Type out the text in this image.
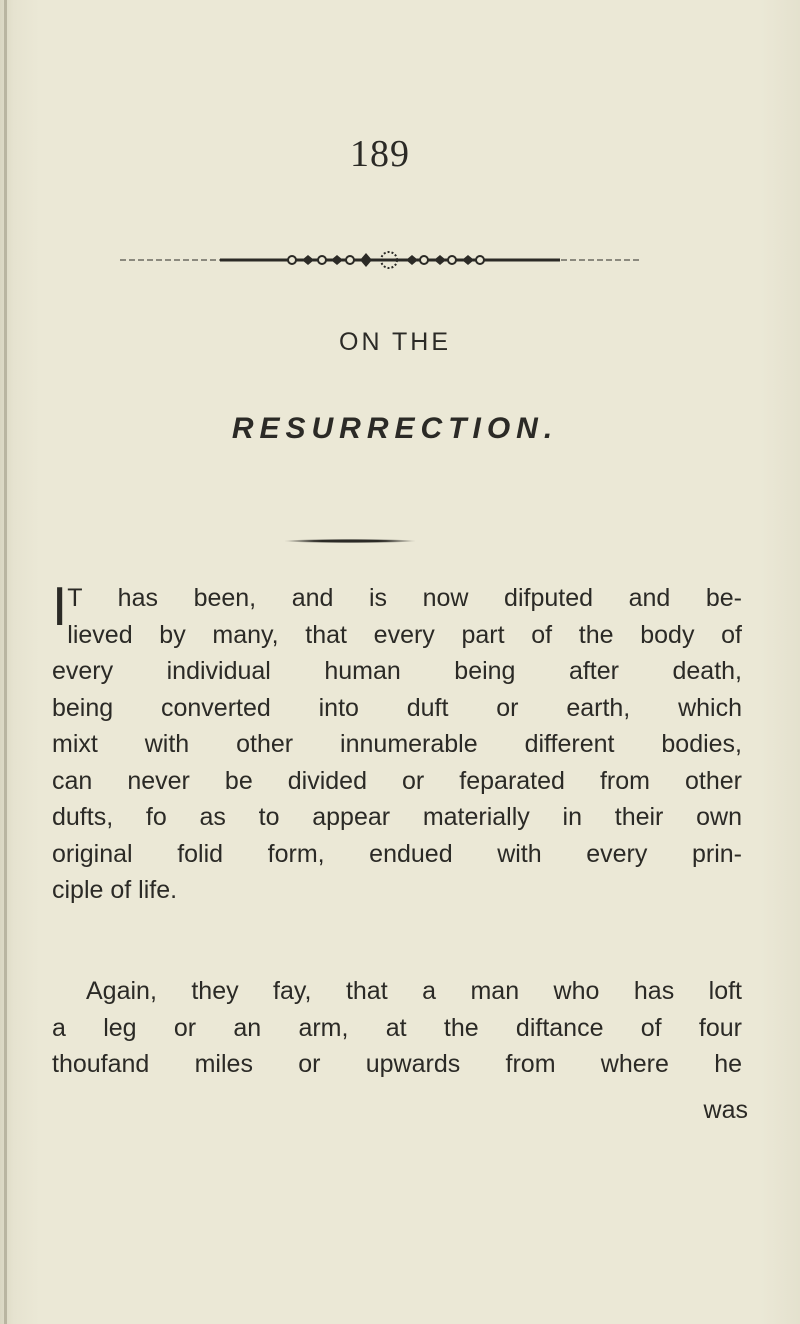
189
ON THE
RESURRECTION.
I T has been, and is now difputed and be-
lieved by many, that every part of the body of
every individual human being after death,
being converted into duft or earth, which
mixt with other innumerable different bodies,
can never be divided or feparated from other
dufts, fo as to appear materially in their own
original folid form, endued with every prin-
ciple of life.
Again, they fay, that a man who has loft
a leg or an arm, at the diftance of four
thoufand miles or upwards from where he
was
